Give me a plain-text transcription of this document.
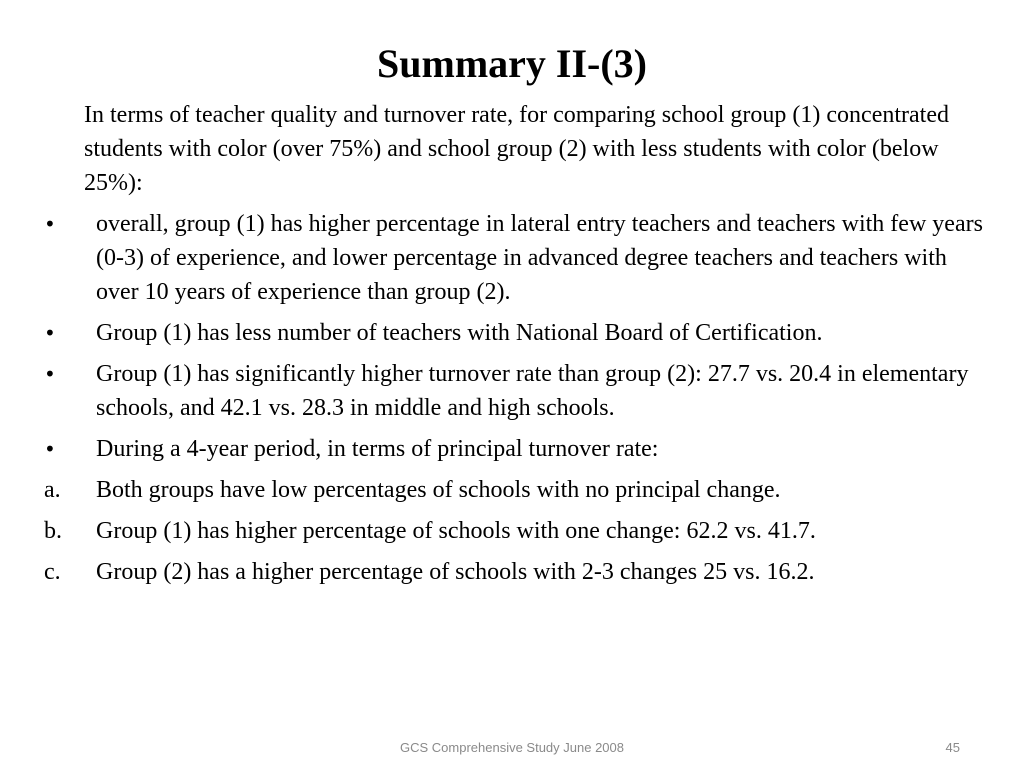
Summary II-(3)
In terms of teacher quality and turnover rate, for comparing school group (1) concentrated students with color (over 75%) and school group (2) with less students with color (below 25%):
•	overall, group (1) has higher percentage in lateral entry teachers and teachers with few years (0-3) of experience, and lower percentage in advanced degree teachers and teachers with over 10 years of experience than group (2).
•	Group (1) has less number of teachers with National Board of Certification.
•	Group (1) has significantly higher turnover rate than group (2): 27.7 vs. 20.4 in elementary schools, and 42.1 vs. 28.3 in middle and high schools.
•	During a 4-year period, in terms of principal turnover rate:
a.	Both groups have low percentages of schools with no principal change.
b.	Group (1) has higher percentage of schools with one change: 62.2 vs. 41.7.
c.	Group (2) has a higher percentage of schools with 2-3 changes 25 vs. 16.2.
GCS Comprehensive Study June 2008	45
